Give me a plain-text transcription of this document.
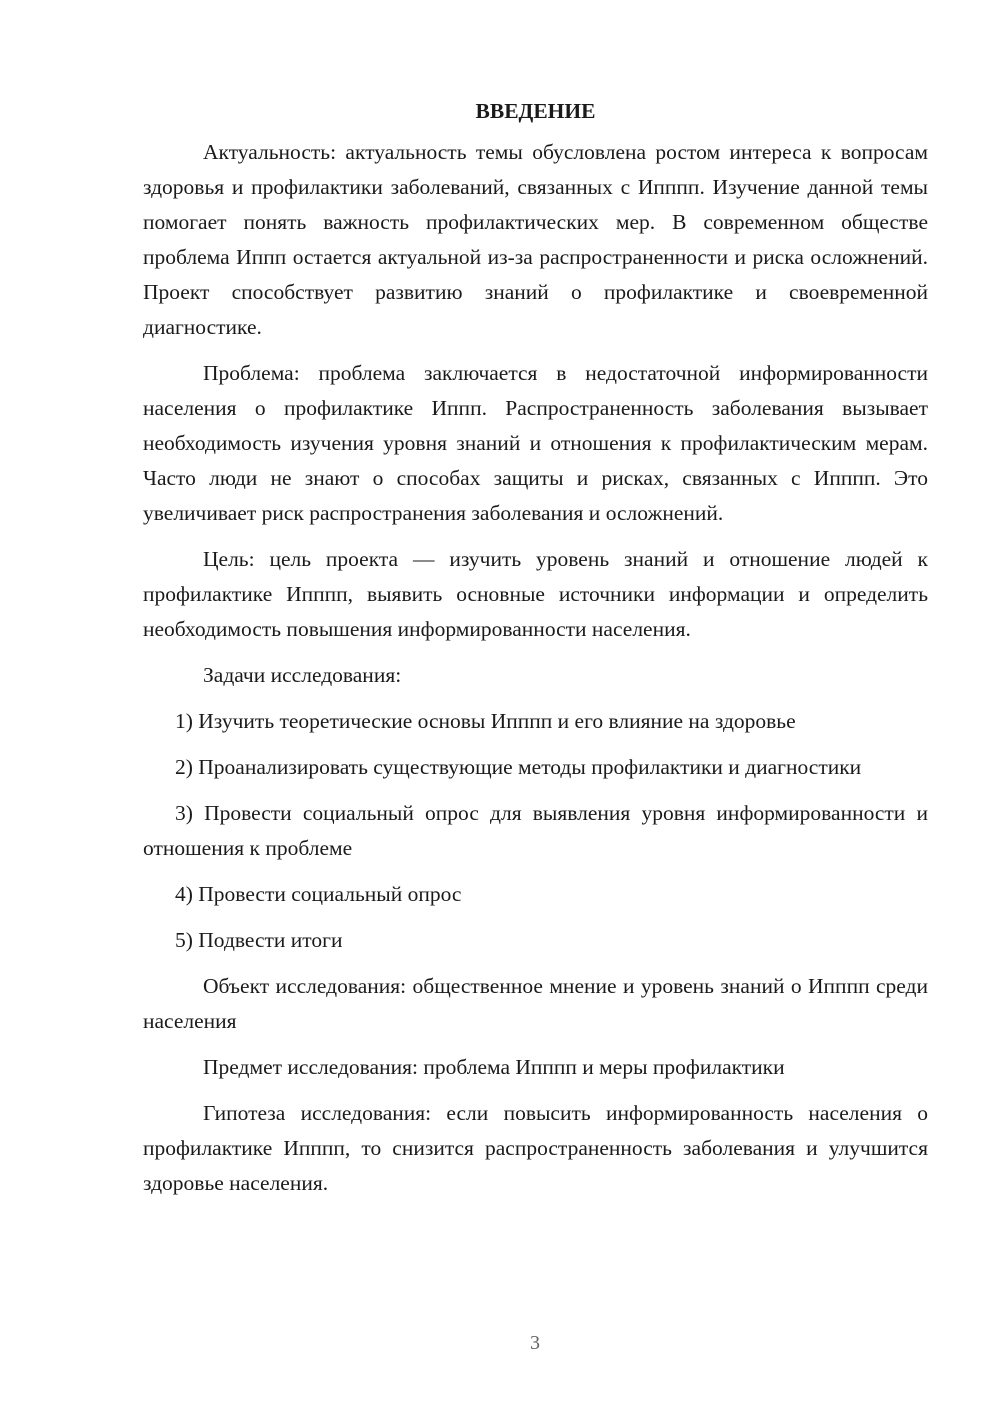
ВВЕДЕНИЕ

Актуальность: актуальность темы обусловлена ростом интереса к вопросам здоровья и профилактики заболеваний, связанных с Ипппп. Изучение данной темы помогает понять важность профилактических мер. В современном обществе проблема Иппп остается актуальной из-за распространенности и риска осложнений. Проект способствует развитию знаний о профилактике и своевременной диагностике.

Проблема: проблема заключается в недостаточной информированности населения о профилактике Иппп. Распространенность заболевания вызывает необходимость изучения уровня знаний и отношения к профилактическим мерам. Часто люди не знают о способах защиты и рисках, связанных с Ипппп. Это увеличивает риск распространения заболевания и осложнений.

Цель: цель проекта — изучить уровень знаний и отношение людей к профилактике Ипппп, выявить основные источники информации и определить необходимость повышения информированности населения.

Задачи исследования:

1) Изучить теоретические основы Ипппп и его влияние на здоровье

2) Проанализировать существующие методы профилактики и диагностики

3) Провести социальный опрос для выявления уровня информированности и отношения к проблеме

4) Провести социальный опрос

5) Подвести итоги

Объект исследования: общественное мнение и уровень знаний о Ипппп среди населения

Предмет исследования: проблема Ипппп и меры профилактики

Гипотеза исследования: если повысить информированность населения о профилактике Ипппп, то снизится распространенность заболевания и улучшится здоровье населения.

3
